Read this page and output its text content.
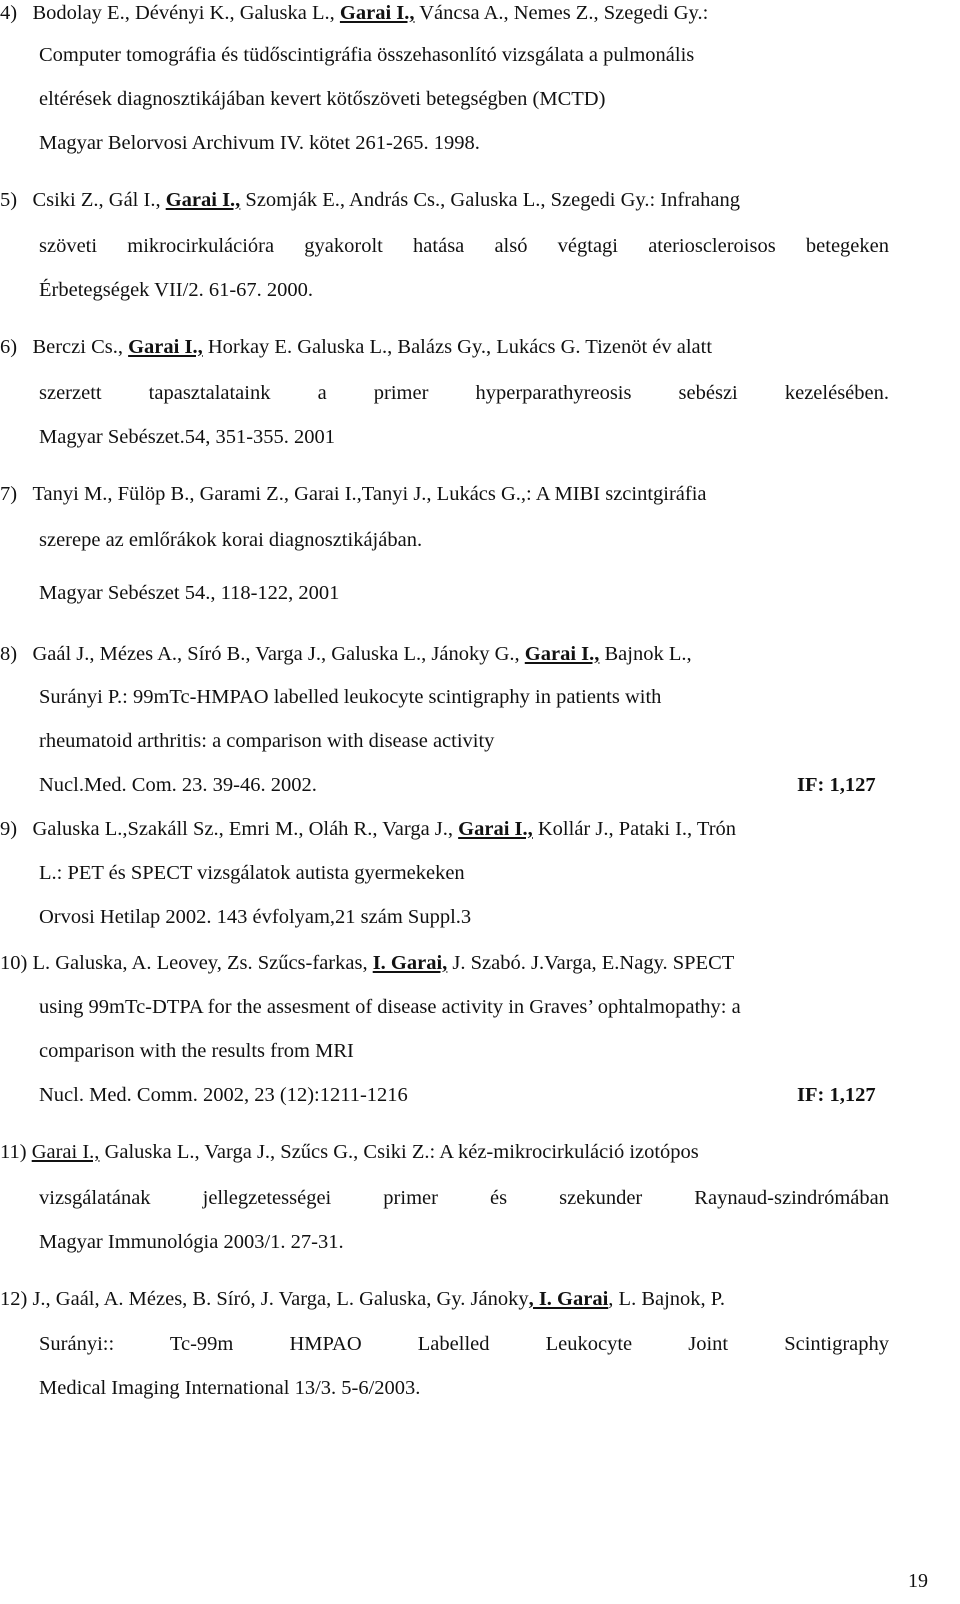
4) Bodolay E., Dévényi K., Galuska L., Garai I., Váncsa A., Nemes Z., Szegedi Gy.:
Computer tomográfia és tüdőscintigráfia összehasonlító vizsgálata a pulmonális
eltérések diagnosztikájában kevert kötőszöveti betegségben (MCTD)
Magyar Belorvosi Archivum IV. kötet 261-265. 1998.
5) Csiki Z., Gál I., Garai I., Szomják E., András Cs., Galuska L., Szegedi Gy.: Infrahang
szöveti mikrocirkulációra gyakorolt hatása alsó végtagi aterioscleroisos betegeken
Érbetegségek VII/2. 61-67. 2000.
6) Berczi Cs., Garai I., Horkay E. Galuska L., Balázs Gy., Lukács G. Tizenöt év alatt
szerzett tapasztalataink a primer hyperparathyreosis sebészi kezelésében.
Magyar Sebészet.54, 351-355. 2001
7) Tanyi M., Fülöp B., Garami Z., Garai I.,Tanyi J., Lukács G.,: A MIBI szcintgiráfia
szerepe az emlőrákok korai diagnosztikájában.
Magyar Sebészet 54., 118-122, 2001
8) Gaál J., Mézes A., Síró B., Varga J., Galuska L., Jánoky G., Garai I., Bajnok L.,
Surányi P.: 99mTc-HMPAO labelled leukocyte scintigraphy in patients with
rheumatoid arthritis: a comparison with disease activity
Nucl.Med. Com. 23. 39-46. 2002.	IF: 1,127
9) Galuska L.,Szakáll Sz., Emri M., Oláh R., Varga J., Garai I., Kollár J., Pataki I., Trón
L.: PET és SPECT vizsgálatok autista gyermekeken
Orvosi Hetilap 2002. 143 évfolyam,21 szám Suppl.3
10) L. Galuska, A. Leovey, Zs. Szűcs-farkas, I. Garai, J. Szabó. J.Varga, E.Nagy. SPECT
using 99mTc-DTPA for the assesment of disease activity in Graves’ ophtalmopathy: a
comparison with the results from MRI
Nucl. Med. Comm. 2002, 23 (12):1211-1216	IF: 1,127
11) Garai I., Galuska L., Varga J., Szűcs G., Csiki Z.: A kéz-mikrocirkuláció izotópos
vizsgálatának jellegzetességei primer és szekunder Raynaud-szindrómában
Magyar Immunológia 2003/1. 27-31.
12) J., Gaál, A. Mézes, B. Síró, J. Varga, L. Galuska, Gy. Jánoky, I. Garai, L. Bajnok, P.
Surányi:: Tc-99m HMPAO Labelled Leukocyte Joint Scintigraphy
Medical Imaging International 13/3. 5-6/2003.
19
